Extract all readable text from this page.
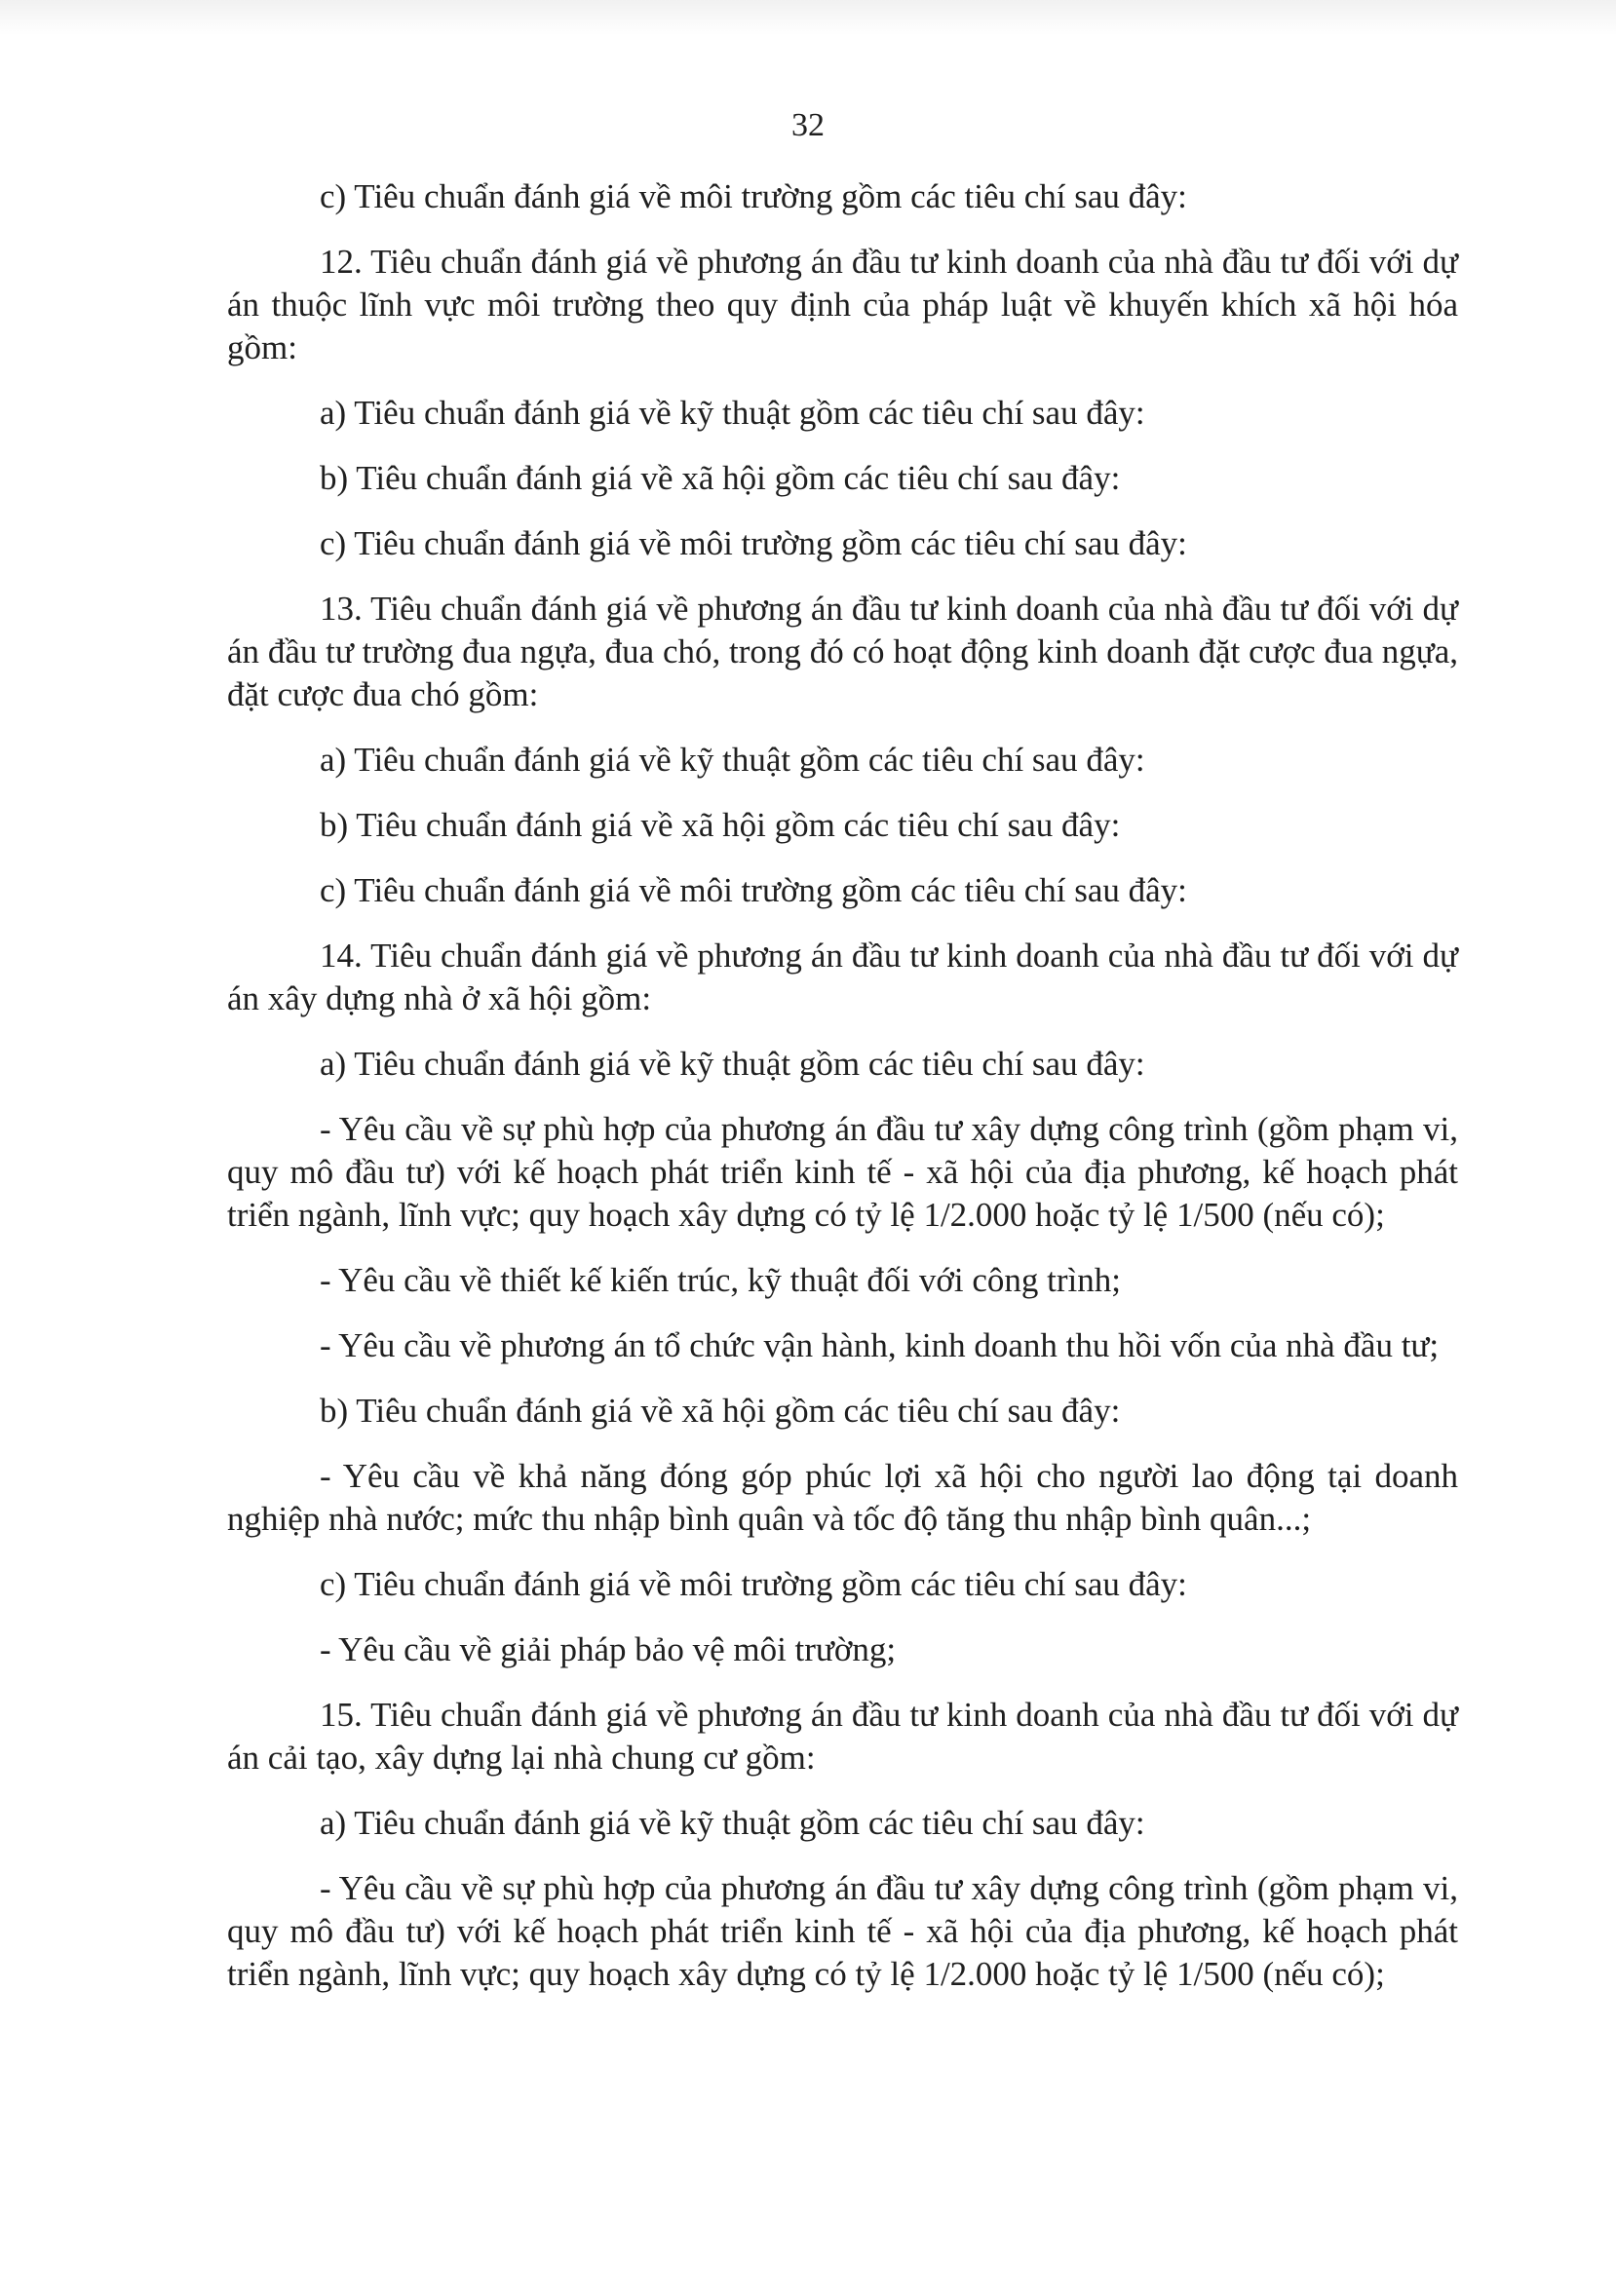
32

c) Tiêu chuẩn đánh giá về môi trường gồm các tiêu chí sau đây:

12. Tiêu chuẩn đánh giá về phương án đầu tư kinh doanh của nhà đầu tư đối với dự án thuộc lĩnh vực môi trường theo quy định của pháp luật về khuyến khích xã hội hóa gồm:

a) Tiêu chuẩn đánh giá về kỹ thuật gồm các tiêu chí sau đây:

b) Tiêu chuẩn đánh giá về xã hội gồm các tiêu chí sau đây:

c) Tiêu chuẩn đánh giá về môi trường gồm các tiêu chí sau đây:

13. Tiêu chuẩn đánh giá về phương án đầu tư kinh doanh của nhà đầu tư đối với dự án đầu tư trường đua ngựa, đua chó, trong đó có hoạt động kinh doanh đặt cược đua ngựa, đặt cược đua chó gồm:

a) Tiêu chuẩn đánh giá về kỹ thuật gồm các tiêu chí sau đây:

b) Tiêu chuẩn đánh giá về xã hội gồm các tiêu chí sau đây:

c) Tiêu chuẩn đánh giá về môi trường gồm các tiêu chí sau đây:

14. Tiêu chuẩn đánh giá về phương án đầu tư kinh doanh của nhà đầu tư đối với dự án xây dựng nhà ở xã hội gồm:

a) Tiêu chuẩn đánh giá về kỹ thuật gồm các tiêu chí sau đây:

- Yêu cầu về sự phù hợp của phương án đầu tư xây dựng công trình (gồm phạm vi, quy mô đầu tư) với kế hoạch phát triển kinh tế - xã hội của địa phương, kế hoạch phát triển ngành, lĩnh vực; quy hoạch xây dựng có tỷ lệ 1/2.000 hoặc tỷ lệ 1/500 (nếu có);

- Yêu cầu về thiết kế kiến trúc, kỹ thuật đối với công trình;

- Yêu cầu về phương án tổ chức vận hành, kinh doanh thu hồi vốn của nhà đầu tư;

b) Tiêu chuẩn đánh giá về xã hội gồm các tiêu chí sau đây:

- Yêu cầu về khả năng đóng góp phúc lợi xã hội cho người lao động tại doanh nghiệp nhà nước; mức thu nhập bình quân và tốc độ tăng thu nhập bình quân...;

c) Tiêu chuẩn đánh giá về môi trường gồm các tiêu chí sau đây:

- Yêu cầu về giải pháp bảo vệ môi trường;

15. Tiêu chuẩn đánh giá về phương án đầu tư kinh doanh của nhà đầu tư đối với dự án cải tạo, xây dựng lại nhà chung cư gồm:

a) Tiêu chuẩn đánh giá về kỹ thuật gồm các tiêu chí sau đây:

- Yêu cầu về sự phù hợp của phương án đầu tư xây dựng công trình (gồm phạm vi, quy mô đầu tư) với kế hoạch phát triển kinh tế - xã hội của địa phương, kế hoạch phát triển ngành, lĩnh vực; quy hoạch xây dựng có tỷ lệ 1/2.000 hoặc tỷ lệ 1/500 (nếu có);
